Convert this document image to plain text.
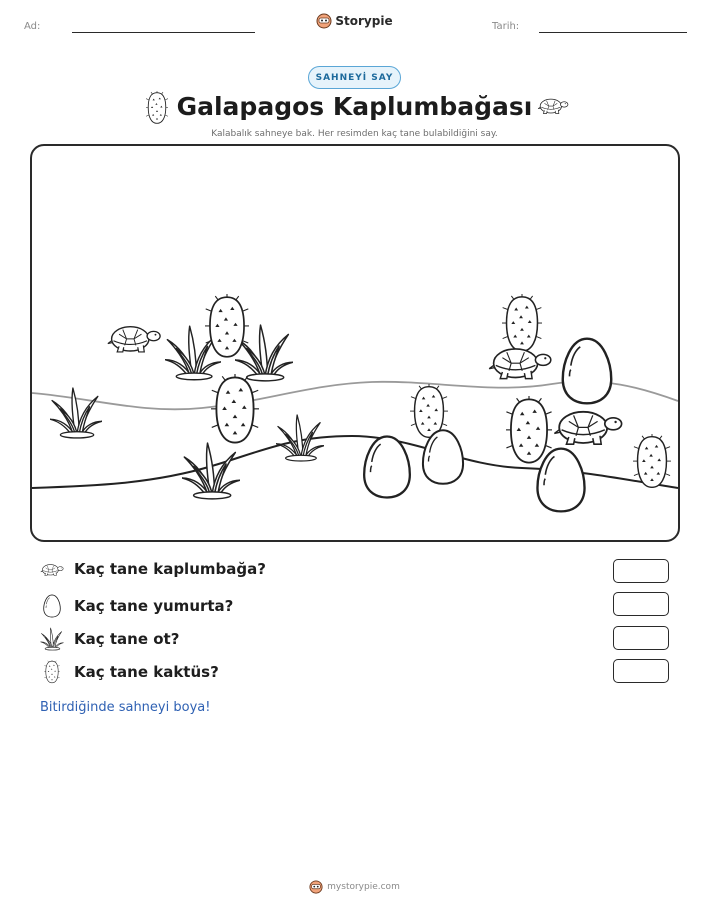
Ad:	Storypie	Tarih:
SAHNEYİ SAY
Galapagos Kaplumbağası
Kalabalık sahneye bak. Her resimden kaç tane bulabildiğini say.
Kaç tane kaplumbağa?
Kaç tane yumurta?
Kaç tane ot?
Kaç tane kaktüs?
Bitirdiğinde sahneyi boya!
mystorypie.com
